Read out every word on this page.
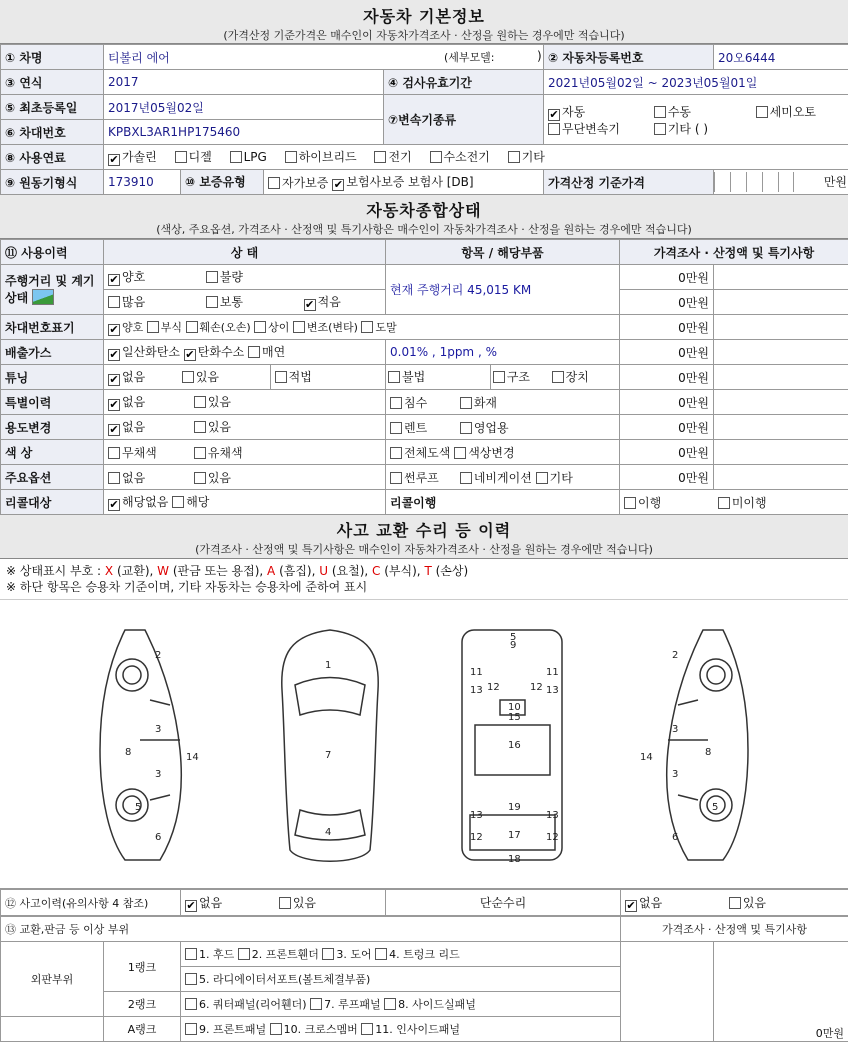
자동차 기본정보
(가격산정 기준가격은 매수인이 자동차가격조사 · 산정을 원하는 경우에만 적습니다)
① 차명	티볼리 에어 (세부모델: )		② 자동차등록번호	20오6444
③ 연식	2017	④ 검사유효기간	2021년05월02일 ~ 2023년05월01일	
⑤ 최초등록일	2017년05월02일	⑦변속기종류	✔ 자동 수동 세미오토
무단변속기 기타 ( )	
⑥ 차대번호	KPBXL3AR1HP175460			
⑧ 사용연료	✔ 가솔린 디젤 LPG 하이브리드 전기 수소전기 기타			
⑨ 원동기형식	173910 ⑩ 보증유형 자가보증 ✔ 보험사보증 보험사 [DB]		가격산정 기준가격	만원
자동차종합상태
(색상, 주요옵션, 가격조사 · 산정액 및 특기사항은 매수인이 자동차가격조사 · 산정을 원하는 경우에만 적습니다)
⑪ 사용이력	상 태	항목 / 해당부품	가격조사 · 산정액 및 특기사항	
주행거리 및 계기상태	✔ 양호 불량	현재 주행거리 45,015 KM	0만원	
	많음 보통 ✔ 적음		0만원	
차대번호표기	✔ 양호 부식 훼손(오손) 상이 변조(변타) 도말		0만원	
배출가스	✔ 일산화탄소 ✔ 탄화수소 매연	0.01% , 1ppm , %	0만원	
튜닝	✔ 없음 있음 적법	불법 구조 장치	0만원	
특별이력	✔ 없음 있음	침수 화재	0만원	
용도변경	✔ 없음 있음	렌트 영업용	0만원	
색 상	무채색 유채색	전체도색 색상변경	0만원	
주요옵션	없음 있음	썬루프 네비게이션 기타	0만원	
리콜대상	✔ 해당없음 해당	리콜이행	이행 미이행	
사고 교환 수리 등 이력
(가격조사 · 산정액 및 특기사항은 매수인이 자동차가격조사 · 산정을 원하는 경우에만 적습니다)
※ 상태표시 부호 : X (교환), W (판금 또는 용접), A (흠집), U (요철), C (부식), T (손상)
※ 하단 항목은 승용차 기준이며, 기타 자동차는 승용차에 준하여 표시
2
3
3
8	14
5
6
1
7
4
5
9
11	11
12	12
13	13
10
15
16
19
13	13
12	12
17
18
2
3
3
8
14
5
6
⑫ 사고이력(유의사항 4 참조)	✔ 없음	있음	단순수리	✔ 없음	있음
⑬ 교환,판금 등 이상 부위			가격조사 · 산정액 및 특기사항	
외판부위	1랭크	1. 후드 2. 프론트휀더 3. 도어 4. 트렁크 리드		0만원
		5. 라디에이터서포트(볼트체결부품)		
	2랭크	6. 쿼터패널(리어휀더) 7. 루프패널 8. 사이드실패널		
	A랭크	9. 프론트패널 10. 크로스멤버 11. 인사이드패널		
